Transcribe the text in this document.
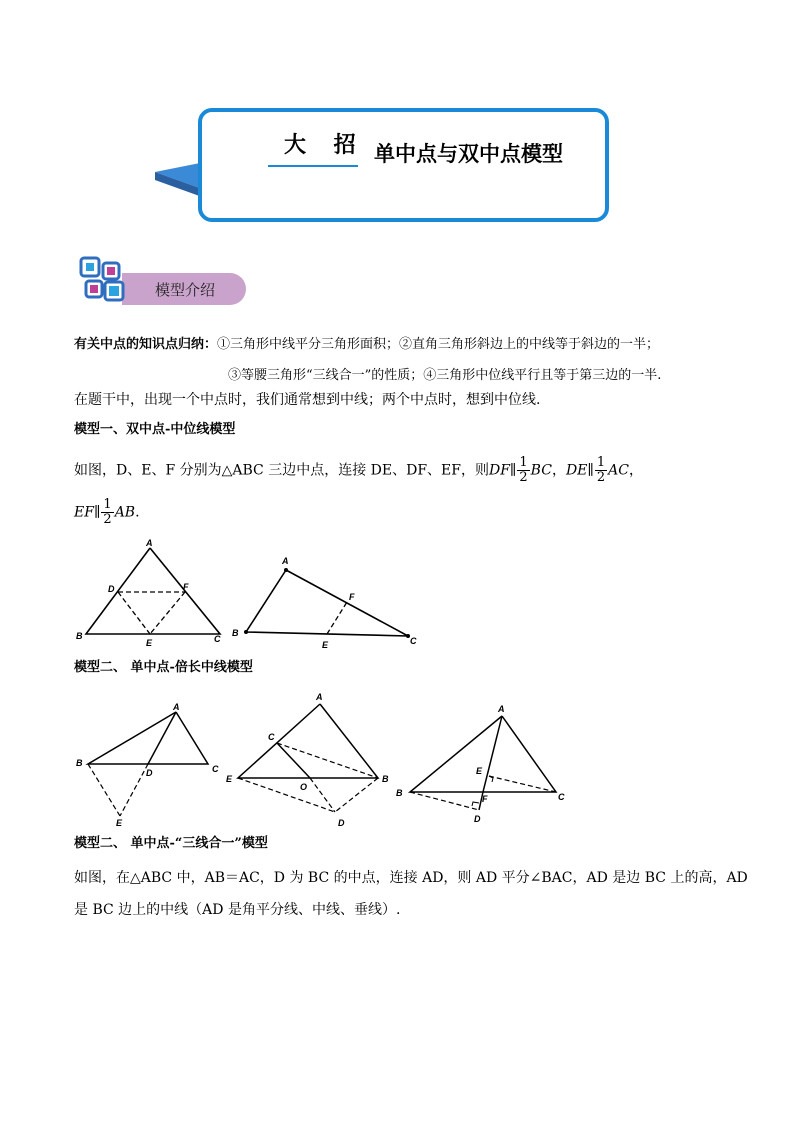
大 招 单中点与双中点模型
模型介绍
有关中点的知识点归纳：①三角形中线平分三角形面积；②直角三角形斜边上的中线等于斜边的一半；
③等腰三角形“三线合一”的性质；④三角形中位线平行且等于第三边的一半.
在题干中，出现一个中点时，我们通常想到中线；两个中点时，想到中位线.
模型一、双中点-中位线模型
如图，D、E、F 分别为△ABC 三边中点，连接 DE、DF、EF，则DF∥ $\frac{1}{2}$ BC，DE∥ $\frac{1}{2}$ AC，
EF∥ $\frac{1}{2}$ AB.
A
B	C
D
E
F
A
B
C
E
F
模型二、 单中点-倍长中线模型
A
B
C
D
E
A
B
C
D
E
O
A
B	C
D
E
F
模型二、 单中点-“三线合一”模型
如图，在△ABC 中，AB＝AC，D 为 BC 的中点，连接 AD，则 AD 平分∠BAC，AD 是边 BC 上的高，AD
是 BC 边上的中线（AD 是角平分线、中线、垂线）.
